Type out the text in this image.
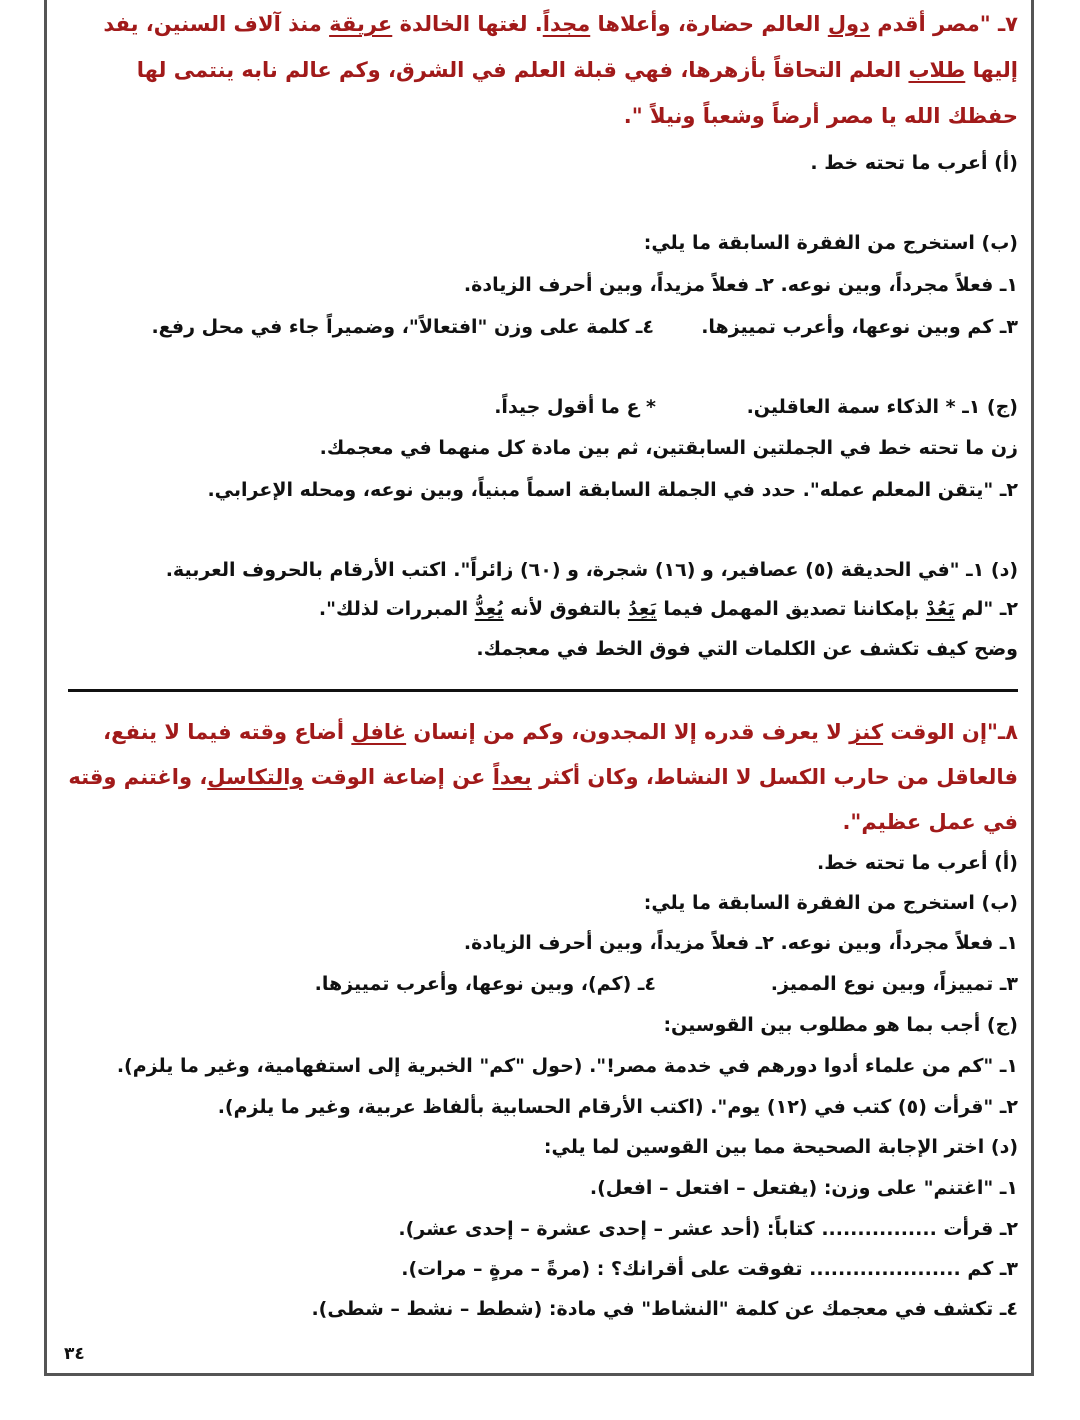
٧ـ "مصر أقدم دول العالم حضارة، وأعلاها مجداً. لغتها الخالدة عريقة منذ آلاف السنين، يفد
إليها طلاب العلم التحاقاً بأزهرها، فهي قبلة العلم في الشرق، وكم عالم نابه ينتمى لها
حفظك الله يا مصر أرضاً وشعباً ونيلاً ".
(أ) أعرب ما تحته خط .
(ب) استخرج من الفقرة السابقة ما يلي:
١ـ فعلاً مجرداً، وبين نوعه. ٢ـ فعلاً مزيداً، وبين أحرف الزيادة.
٣ـ كم وبين نوعها، وأعرب تمييزها.
٤ـ كلمة على وزن "افتعالاً"، وضميراً جاء في محل رفع.
(ج) ١ـ * الذكاء سمة العاقلين.
* ع ما أقول جيداً.
زن ما تحته خط في الجملتين السابقتين، ثم بين مادة كل منهما في معجمك.
٢ـ "يتقن المعلم عمله". حدد في الجملة السابقة اسماً مبنياً، وبين نوعه، ومحله الإعرابي.
(د) ١ـ "في الحديقة (٥) عصافير، و (١٦) شجرة، و (٦٠) زائراً". اكتب الأرقام بالحروف العربية.
٢ـ "لم يَعُدْ بإمكاننا تصديق المهمل فيما يَعِدُ بالتفوق لأنه يُعِدُّ المبررات لذلك".
وضح كيف تكشف عن الكلمات التي فوق الخط في معجمك.
٨ـ"إن الوقت كنز لا يعرف قدره إلا المجدون، وكم من إنسان غافل أضاع وقته فيما لا ينفع،
فالعاقل من حارب الكسل لا النشاط، وكان أكثر بعداً عن إضاعة الوقت والتكاسل، واغتنم وقته
في عمل عظيم".
(أ) أعرب ما تحته خط.
(ب) استخرج من الفقرة السابقة ما يلي:
١ـ فعلاً مجرداً، وبين نوعه. ٢ـ فعلاً مزيداً، وبين أحرف الزيادة.
٣ـ تمييزاً، وبين نوع المميز.
٤ـ (كم)، وبين نوعها، وأعرب تمييزها.
(ج) أجب بما هو مطلوب بين القوسين:
١ـ "كم من علماء أدوا دورهم في خدمة مصر!". (حول "كم" الخبرية إلى استفهامية، وغير ما يلزم).
٢ـ "قرأت (٥) كتب في (١٢) يوم". (اكتب الأرقام الحسابية بألفاظ عربية، وغير ما يلزم).
(د) اختر الإجابة الصحيحة مما بين القوسين لما يلي:
١ـ "اغتنم" على وزن: (يفتعل – افتعل – افعل).
٢ـ قرأت ................ كتاباً: (أحد عشر – إحدى عشرة – إحدى عشر).
٣ـ كم ..................... تفوقت على أقرانك؟ : (مرةً – مرةٍ – مرات).
٤ـ تكشف في معجمك عن كلمة "النشاط" في مادة: (شطط – نشط – شطى).
٣٤
